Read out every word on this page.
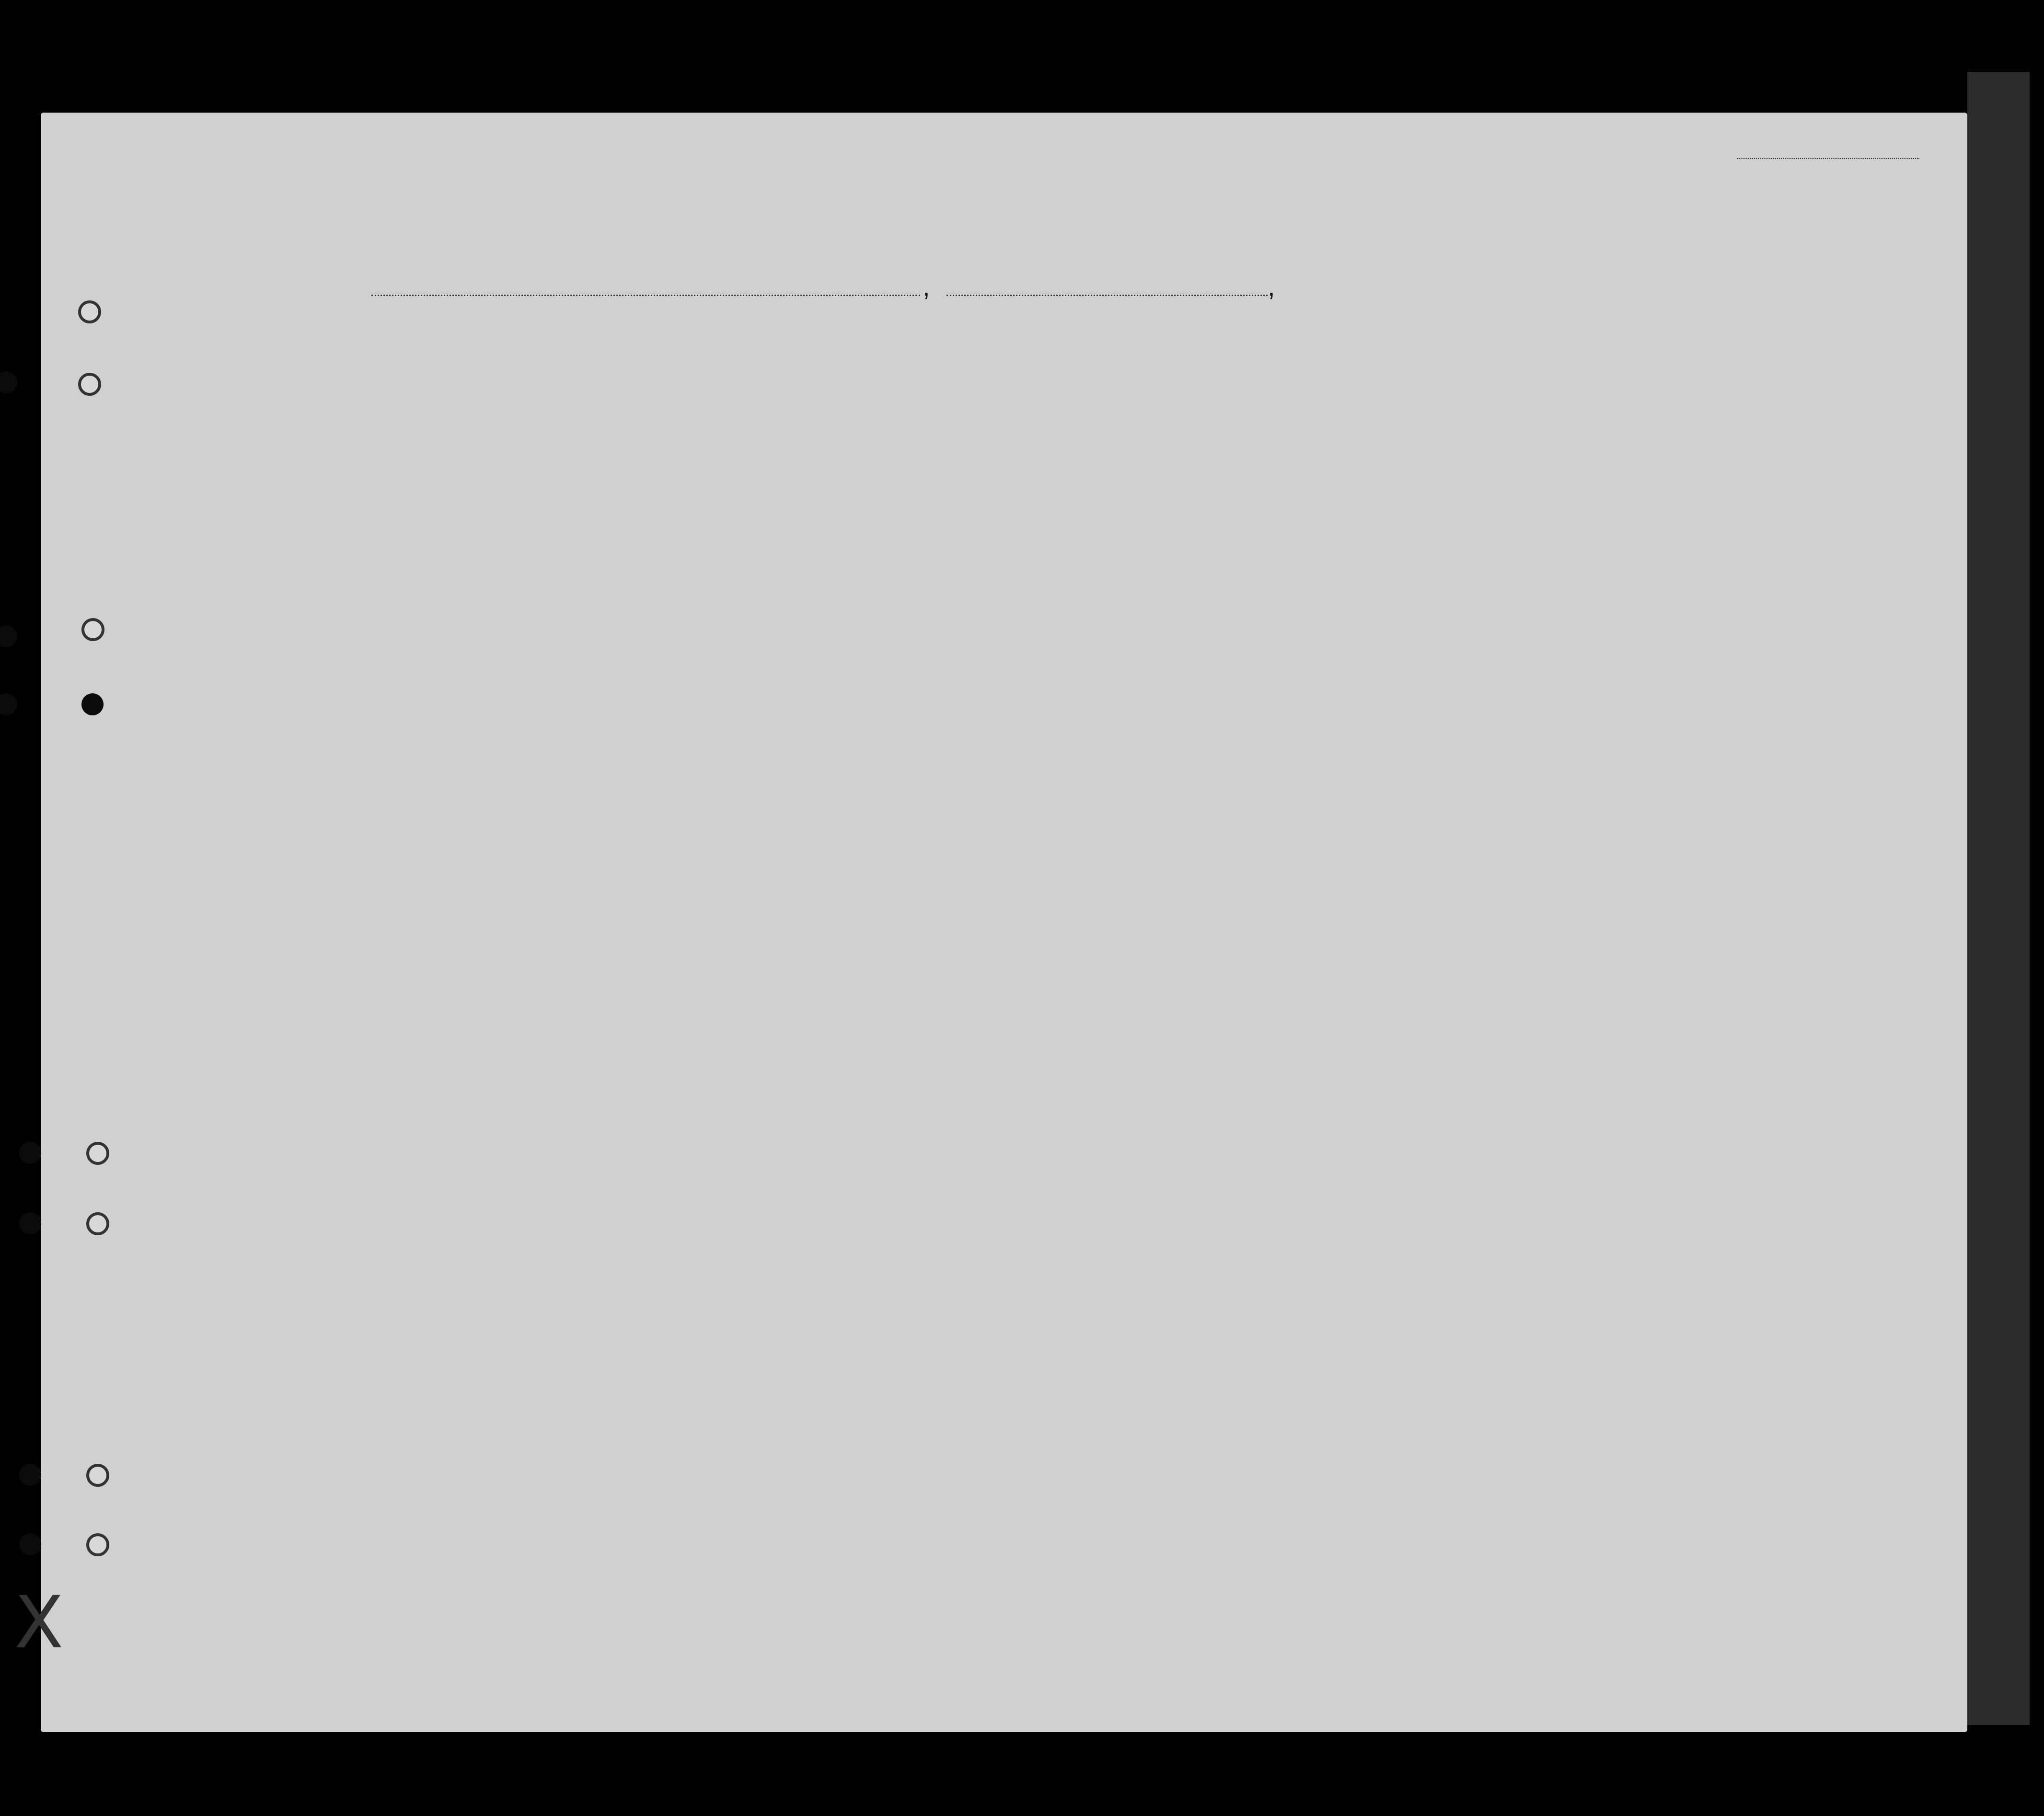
,	,
X
